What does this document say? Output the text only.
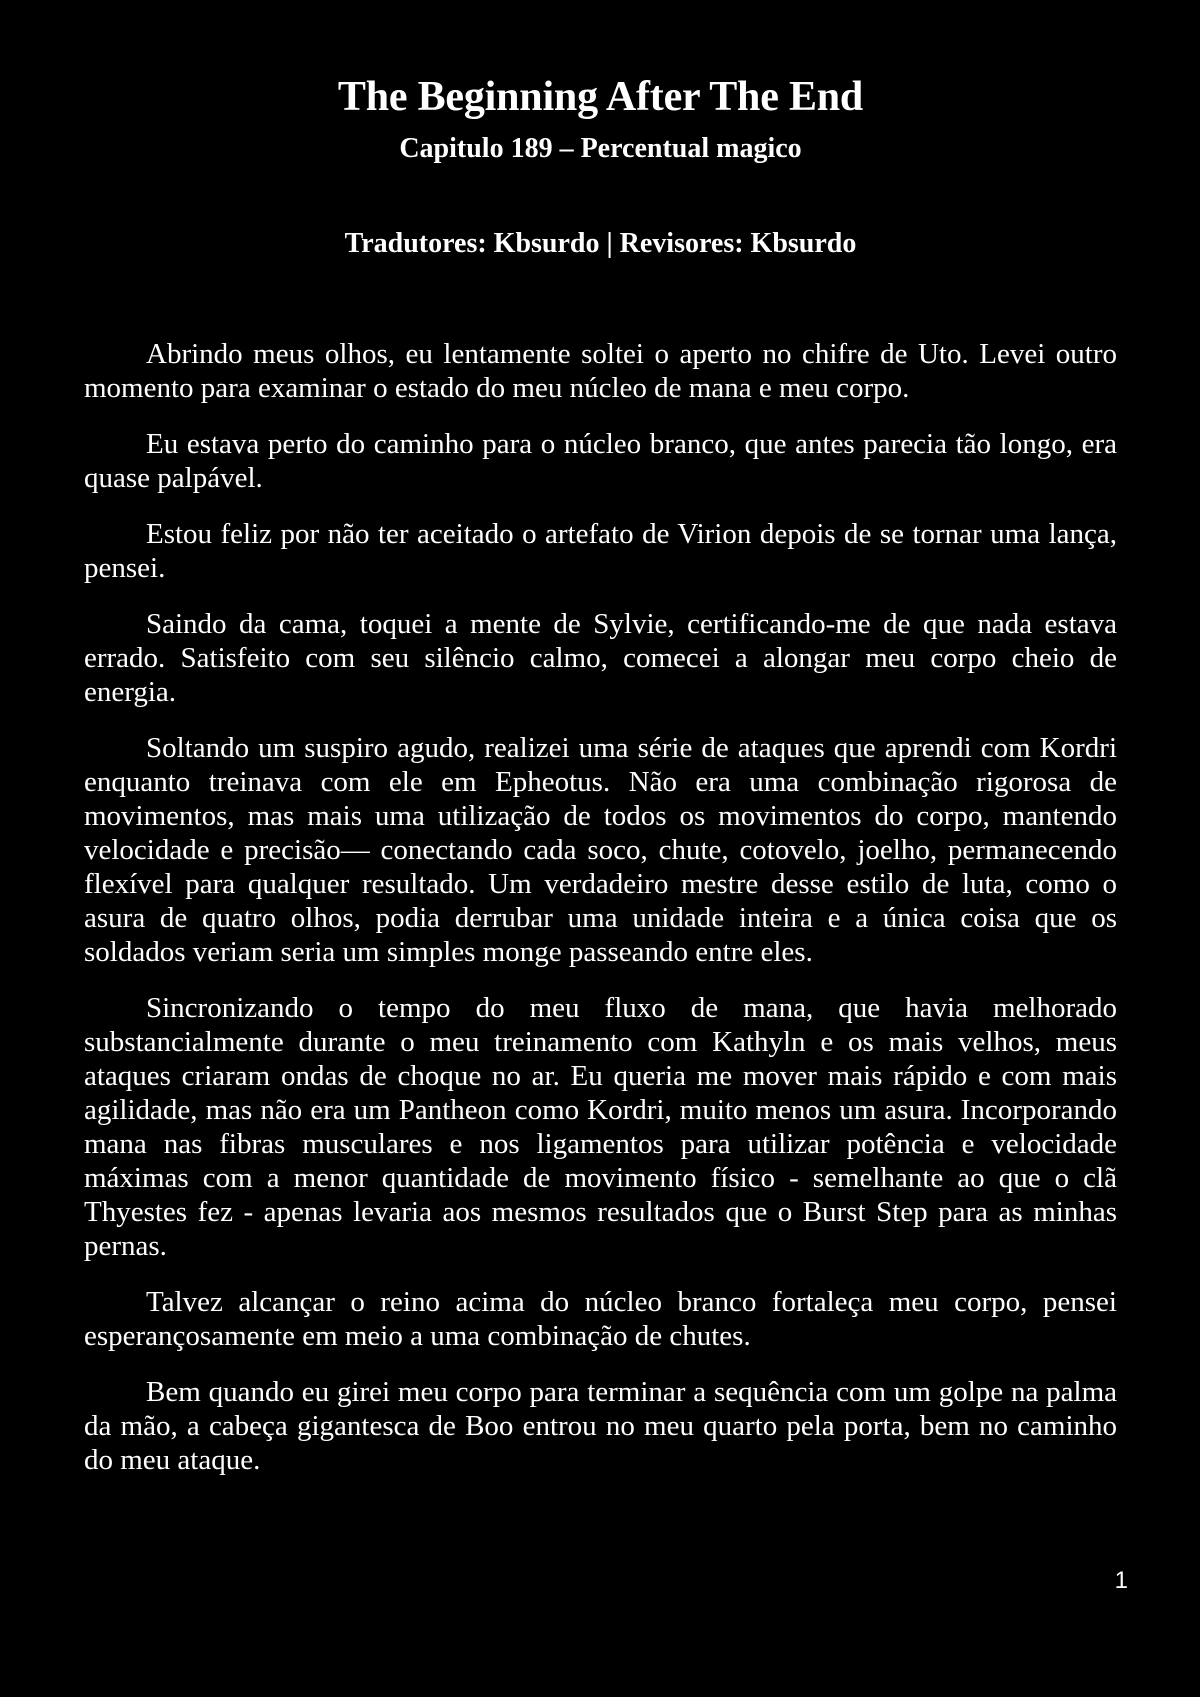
The Beginning After The End
Capitulo 189 – Percentual magico
Tradutores: Kbsurdo | Revisores: Kbsurdo

Abrindo meus olhos, eu lentamente soltei o aperto no chifre de Uto. Levei outro momento para examinar o estado do meu núcleo de mana e meu corpo.

Eu estava perto do caminho para o núcleo branco, que antes parecia tão longo, era quase palpável.

Estou feliz por não ter aceitado o artefato de Virion depois de se tornar uma lança, pensei.

Saindo da cama, toquei a mente de Sylvie, certificando-me de que nada estava errado. Satisfeito com seu silêncio calmo, comecei a alongar meu corpo cheio de energia.

Soltando um suspiro agudo, realizei uma série de ataques que aprendi com Kordri enquanto treinava com ele em Epheotus. Não era uma combinação rigorosa de movimentos, mas mais uma utilização de todos os movimentos do corpo, mantendo velocidade e precisão— conectando cada soco, chute, cotovelo, joelho, permanecendo flexível para qualquer resultado. Um verdadeiro mestre desse estilo de luta, como o asura de quatro olhos, podia derrubar uma unidade inteira e a única coisa que os soldados veriam seria um simples monge passeando entre eles.

Sincronizando o tempo do meu fluxo de mana, que havia melhorado substancialmente durante o meu treinamento com Kathyln e os mais velhos, meus ataques criaram ondas de choque no ar. Eu queria me mover mais rápido e com mais agilidade, mas não era um Pantheon como Kordri, muito menos um asura. Incorporando mana nas fibras musculares e nos ligamentos para utilizar potência e velocidade máximas com a menor quantidade de movimento físico - semelhante ao que o clã Thyestes fez - apenas levaria aos mesmos resultados que o Burst Step para as minhas pernas.

Talvez alcançar o reino acima do núcleo branco fortaleça meu corpo, pensei esperançosamente em meio a uma combinação de chutes.

Bem quando eu girei meu corpo para terminar a sequência com um golpe na palma da mão, a cabeça gigantesca de Boo entrou no meu quarto pela porta, bem no caminho do meu ataque.

1
